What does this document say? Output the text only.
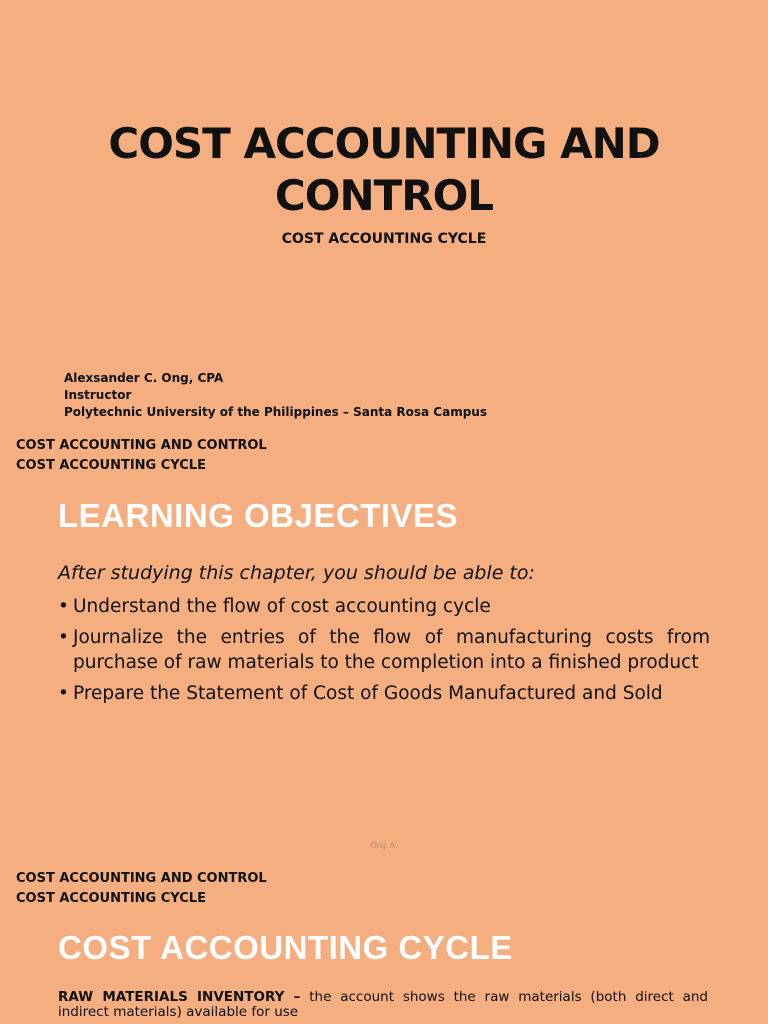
COST ACCOUNTING AND
CONTROL
COST ACCOUNTING CYCLE
Alexsander C. Ong, CPA
Instructor
Polytechnic University of the Philippines – Santa Rosa Campus
COST ACCOUNTING AND CONTROL
COST ACCOUNTING CYCLE
LEARNING OBJECTIVES
After studying this chapter, you should be able to:
• Understand the flow of cost accounting cycle
• Journalize the entries of the flow of manufacturing costs from purchase of raw materials to the completion into a finished product
• Prepare the Statement of Cost of Goods Manufactured and Sold
Ong, A.
COST ACCOUNTING AND CONTROL
COST ACCOUNTING CYCLE
COST ACCOUNTING CYCLE
RAW MATERIALS INVENTORY – the account shows the raw materials (both direct and indirect materials) available for use
